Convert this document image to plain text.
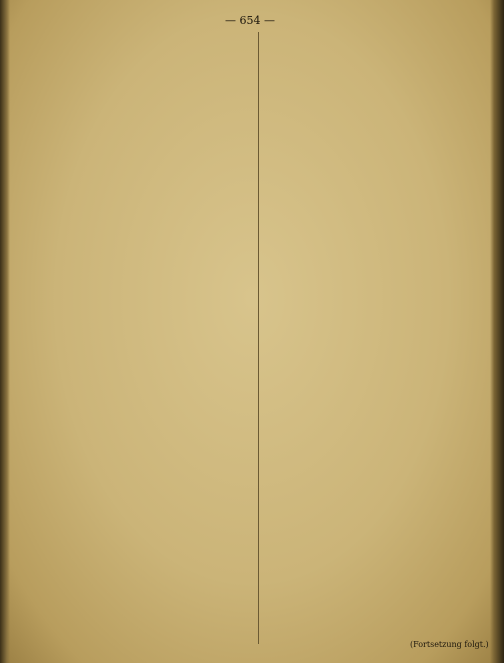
— 654 —
(Fortsetzung folgt.)
